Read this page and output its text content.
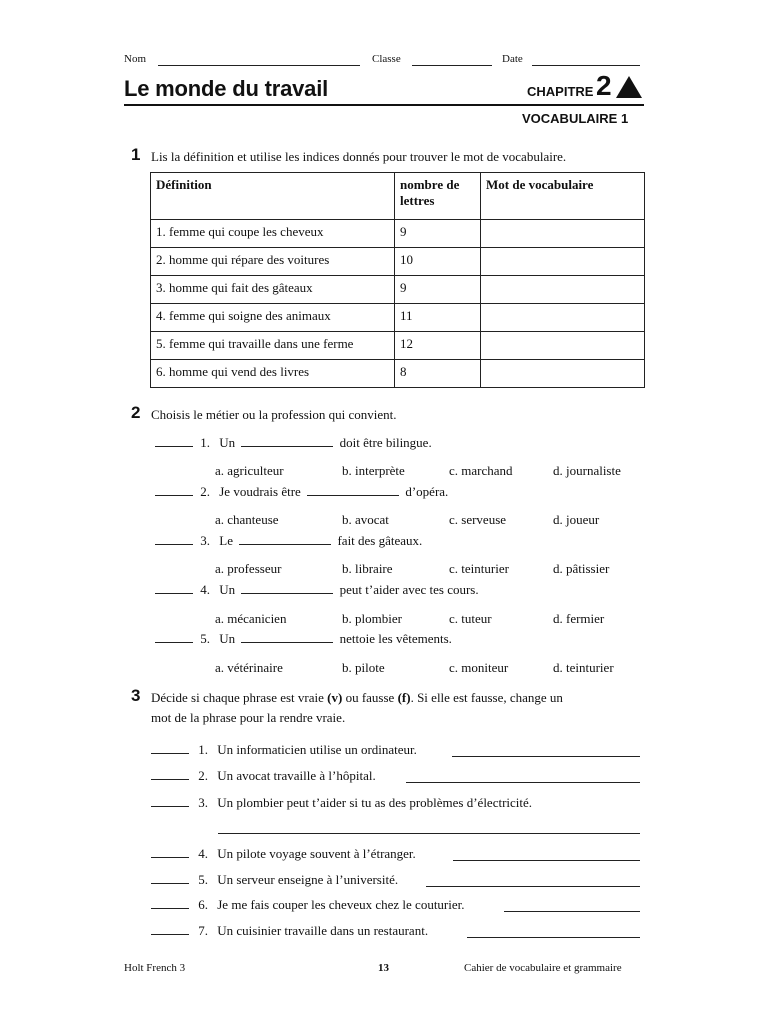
Nom	Classe	Date
Le monde du travail	CHAPITRE 2
VOCABULAIRE 1
1 Lis la définition et utilise les indices donnés pour trouver le mot de vocabulaire.
Définition	nombre de lettres	Mot de vocabulaire
1. femme qui coupe les cheveux	9	
2. homme qui répare des voitures	10	
3. homme qui fait des gâteaux	9	
4. femme qui soigne des animaux	11	
5. femme qui travaille dans une ferme	12	
6. homme qui vend des livres	8	
2 Choisis le métier ou la profession qui convient.
1. Un	doit être bilingue.
a. agriculteur	b. interprète	c. marchand	d. journaliste
2. Je voudrais être	d’opéra.
a. chanteuse	b. avocat	c. serveuse	d. joueur
3. Le	fait des gâteaux.
a. professeur	b. libraire	c. teinturier	d. pâtissier
4. Un	peut t’aider avec tes cours.
a. mécanicien	b. plombier	c. tuteur	d. fermier
5. Un	nettoie les vêtements.
a. vétérinaire	b. pilote	c. moniteur	d. teinturier
3 Décide si chaque phrase est vraie (v) ou fausse (f). Si elle est fausse, change un
mot de la phrase pour la rendre vraie.
1. Un informaticien utilise un ordinateur.
2. Un avocat travaille à l’hôpital.
3. Un plombier peut t’aider si tu as des problèmes d’électricité.
4. Un pilote voyage souvent à l’étranger.
5. Un serveur enseigne à l’université.
6. Je me fais couper les cheveux chez le couturier.
7. Un cuisinier travaille dans un restaurant.
Holt French 3	13	Cahier de vocabulaire et grammaire
